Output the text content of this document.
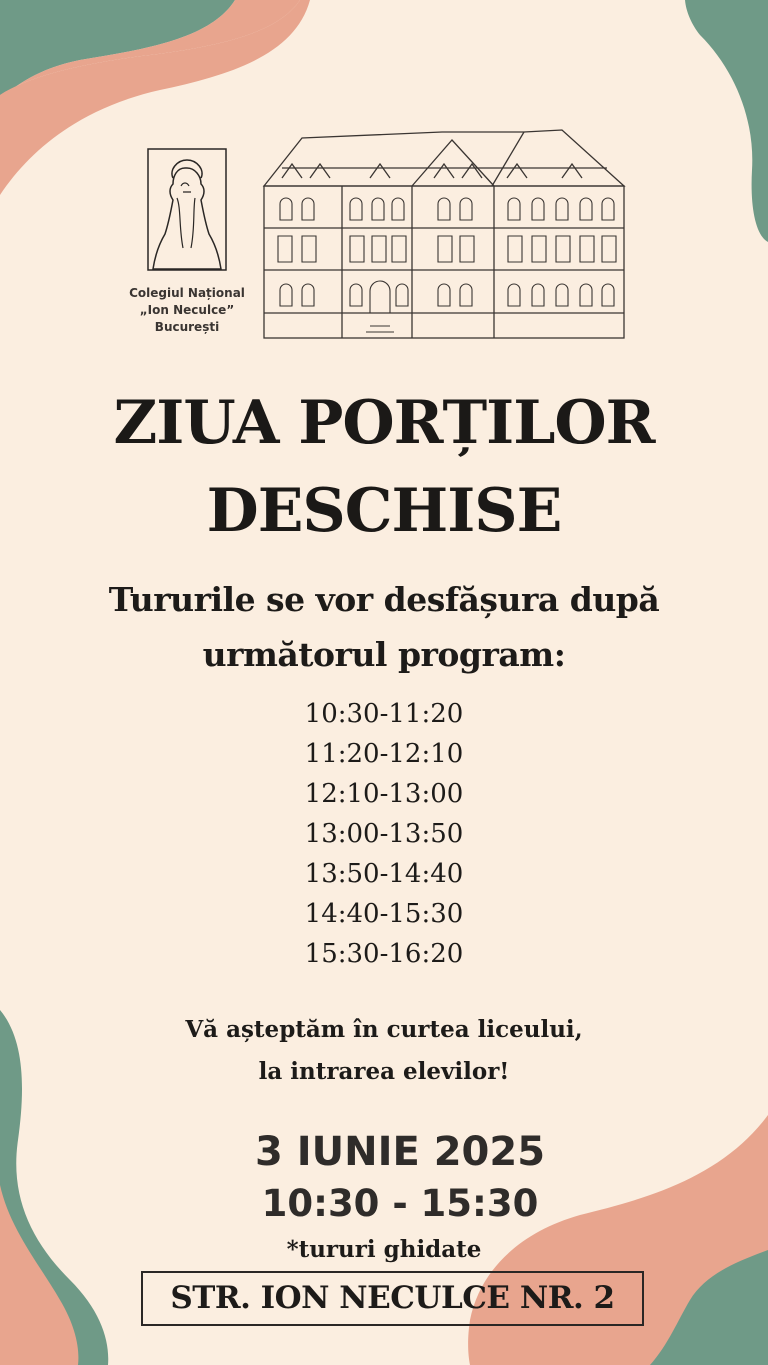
Colegiul Național
„Ion Neculce”
București
ZIUA PORȚILOR
DESCHISE
Tururile se vor desfășura după
următorul program:
10:30-11:20
11:20-12:10
12:10-13:00
13:00-13:50
13:50-14:40
14:40-15:30
15:30-16:20
Vă așteptăm în curtea liceului,
la intrarea elevilor!
3 IUNIE 2025
10:30 - 15:30
*tururi ghidate
STR. ION NECULCE NR. 2
